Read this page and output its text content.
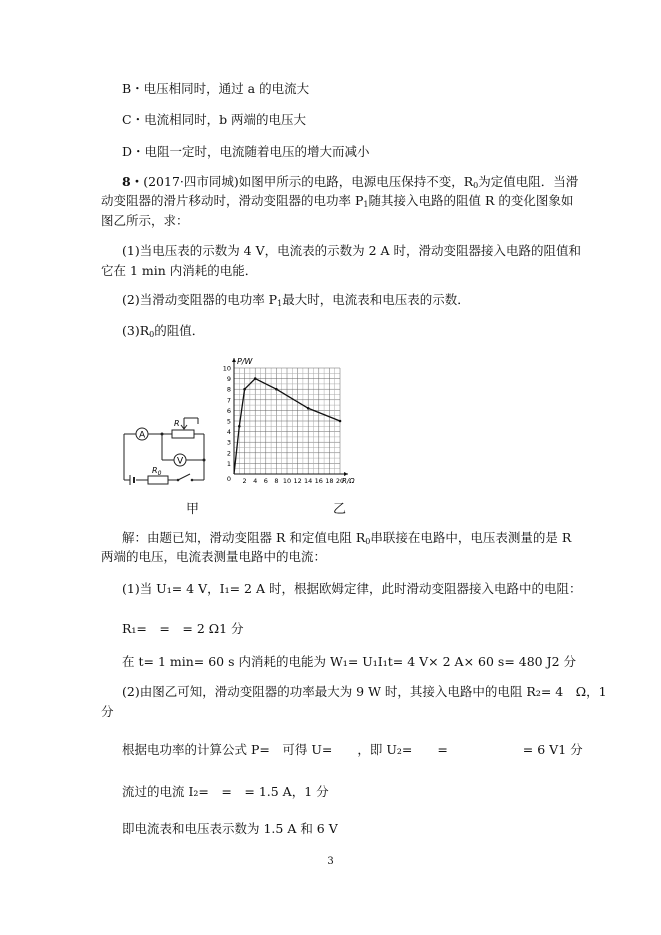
B・电压相同时，通过 a 的电流大
C・电流相同时，b 两端的电压大
D・电阻一定时，电流随着电压的增大而减小
8・(2017·四市同城)如图甲所示的电路，电源电压保持不变，$R_0$为定值电阻．当滑
动变阻器的滑片移动时，滑动变阻器的电功率 $P_1$随其接入电路的阻值 R 的变化图象如
图乙所示，求：
(1)当电压表的示数为 4 V，电流表的示数为 2 A 时，滑动变阻器接入电路的阻值和
它在 1 min 内消耗的电能．
(2)当滑动变阻器的电功率 $P_1$最大时，电流表和电压表的示数．
$(3)R_0$的阻值．
A
V
R
$R_0$
2 4 6 8 10 12 14 16 18 20
1
2
3
4
5
6
7
8
9
10
0
P/W
R/Ω
甲	乙
解：由题已知，滑动变阻器 R 和定值电阻 $R_0$串联接在电路中，电压表测量的是 R
两端的电压，电流表测量电路中的电流：
(1)当 U₁= 4 V，I₁= 2 A 时，根据欧姆定律，此时滑动变阻器接入电路中的电阻：
R₁=　=　= 2 Ω1 分
在 t= 1 min= 60 s 内消耗的电能为 W₁= U₁I₁t= 4 V× 2 A× 60 s= 480 J2 分
(2)由图乙可知，滑动变阻器的功率最大为 9 W 时，其接入电路中的电阻 R₂= 4　Ω，1
分
根据电功率的计算公式 P=　可得 U=　　，即 U₂=　　=　　　　　　= 6 V1 分
流过的电流 I₂=　=　= 1.5 A，1 分
即电流表和电压表示数为 1.5 A 和 6 V
3
